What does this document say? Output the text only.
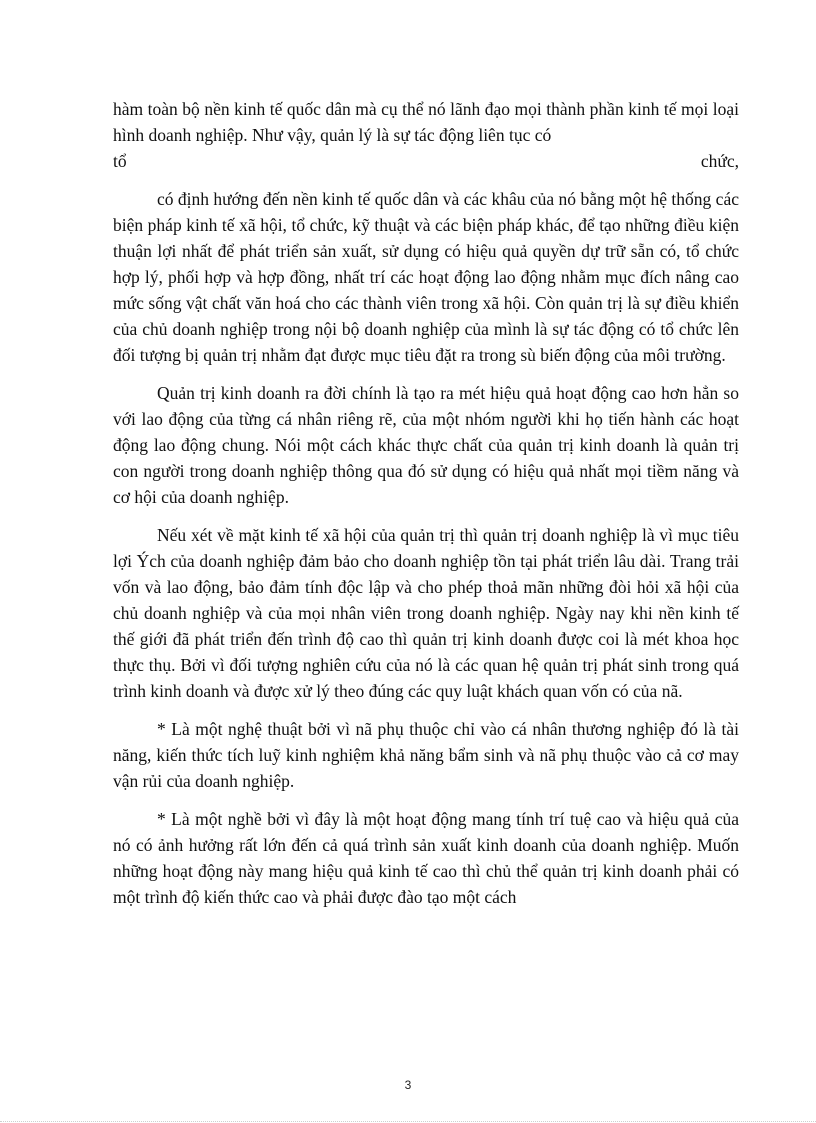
hàm toàn bộ nền kinh tế quốc dân mà cụ thể nó lãnh đạo mọi thành phần kinh tế mọi loại hình doanh nghiệp. Như vậy, quản lý là sự tác động liên tục có

tổ	chức,

có định hướng đến nền kinh tế quốc dân và các khâu của nó bằng một hệ thống các biện pháp kinh tế xã hội, tổ chức, kỹ thuật và các biện pháp khác, để tạo những điều kiện thuận lợi nhất để phát triển sản xuất, sử dụng có hiệu quả quyền dự trữ sẵn có, tổ chức hợp lý, phối hợp và hợp đồng, nhất trí các hoạt động lao động nhằm mục đích nâng cao mức sống vật chất văn hoá cho các thành viên trong xã hội. Còn quản trị là sự điều khiển của chủ doanh nghiệp trong nội bộ doanh nghiệp của mình là sự tác động có tổ chức lên đối tượng bị quản trị nhằm đạt được mục tiêu đặt ra trong sù biến động của môi trường.

Quản trị kinh doanh ra đời chính là tạo ra mét hiệu quả hoạt động cao hơn hẳn so với lao động của từng cá nhân riêng rẽ, của một nhóm người khi họ tiến hành các hoạt động lao động chung. Nói một cách khác thực chất của quản trị kinh doanh là quản trị con người trong doanh nghiệp thông qua đó sử dụng có hiệu quả nhất mọi tiềm năng và cơ hội của doanh nghiệp.

Nếu xét về mặt kinh tế xã hội của quản trị thì quản trị doanh nghiệp là vì mục tiêu lợi Ých của doanh nghiệp đảm bảo cho doanh nghiệp tồn tại phát triển lâu dài. Trang trải vốn và lao động, bảo đảm tính độc lập và cho phép thoả mãn những đòi hỏi xã hội của chủ doanh nghiệp và của mọi nhân viên trong doanh nghiệp. Ngày nay khi nền kinh tế thế giới đã phát triển đến trình độ cao thì quản trị kinh doanh được coi là mét khoa học thực thụ. Bởi vì đối tượng nghiên cứu của nó là các quan hệ quản trị phát sinh trong quá trình kinh doanh và được xử lý theo đúng các quy luật khách quan vốn có của nã.

* Là một nghệ thuật bởi vì nã phụ thuộc chỉ vào cá nhân thương nghiệp đó là tài năng, kiến thức tích luỹ kinh nghiệm khả năng bẩm sinh và nã phụ thuộc vào cả cơ may vận rủi của doanh nghiệp.

* Là một nghề bởi vì đây là một hoạt động mang tính trí tuệ cao và hiệu quả của nó có ảnh hưởng rất lớn đến cả quá trình sản xuất kinh doanh của doanh nghiệp. Muốn những hoạt động này mang hiệu quả kinh tế cao thì chủ thể quản trị kinh doanh phải có một trình độ kiến thức cao và phải được đào tạo một cách

3
